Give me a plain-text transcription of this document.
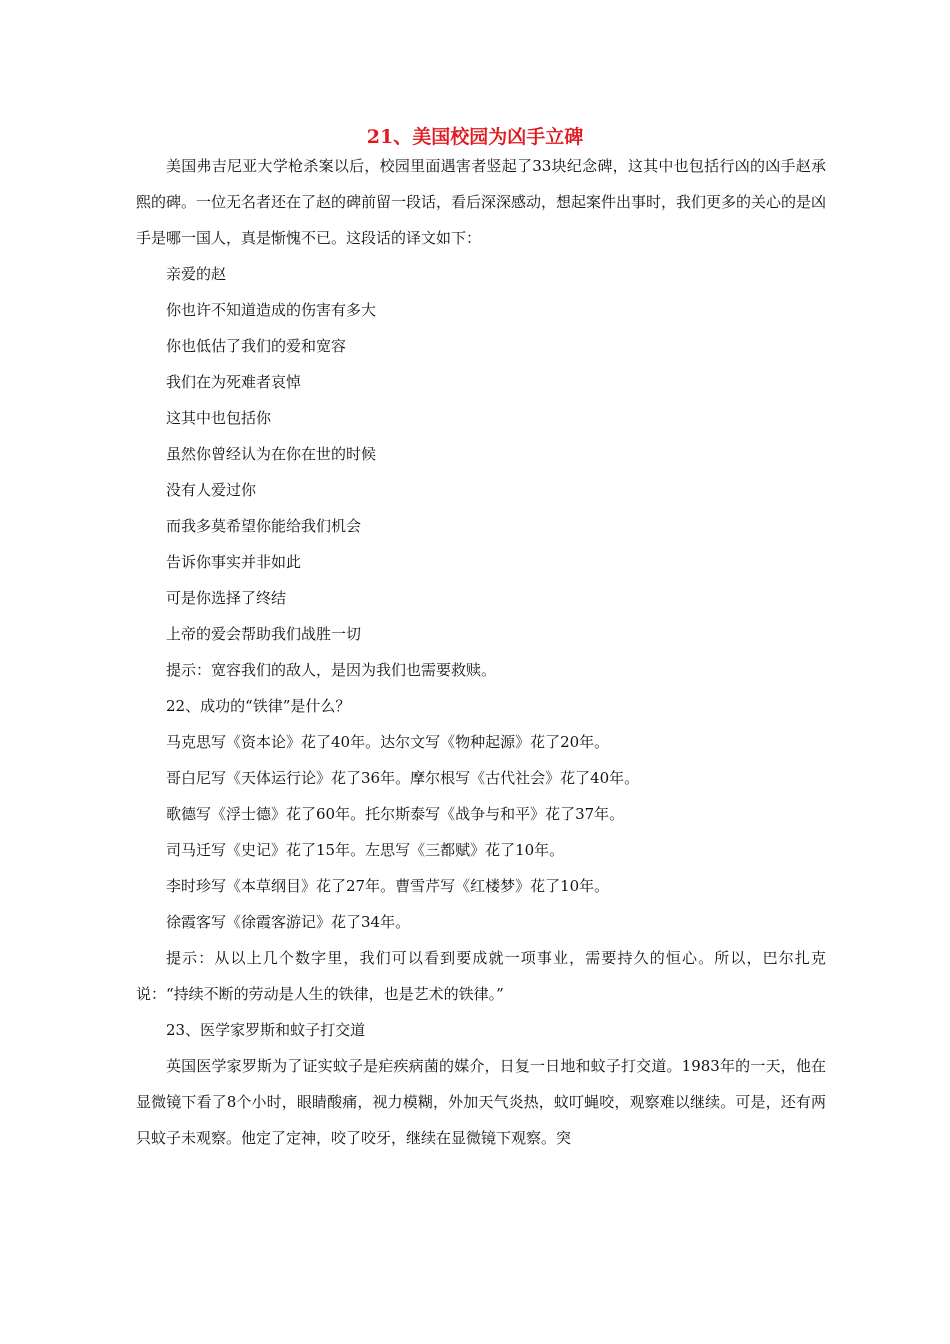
21、美国校园为凶手立碑

美国弗吉尼亚大学枪杀案以后，校园里面遇害者竖起了33块纪念碑，这其中也包括行凶的凶手赵承熙的碑。一位无名者还在了赵的碑前留一段话，看后深深感动，想起案件出事时，我们更多的关心的是凶手是哪一国人，真是惭愧不已。这段话的译文如下：

亲爱的赵

你也许不知道造成的伤害有多大

你也低估了我们的爱和宽容

我们在为死难者哀悼

这其中也包括你

虽然你曾经认为在你在世的时候

没有人爱过你

而我多莫希望你能给我们机会

告诉你事实并非如此

可是你选择了终结

上帝的爱会帮助我们战胜一切

提示：宽容我们的敌人，是因为我们也需要救赎。

22、成功的“铁律”是什么？

马克思写《资本论》花了40年。达尔文写《物种起源》花了20年。

哥白尼写《天体运行论》花了36年。摩尔根写《古代社会》花了40年。

歌德写《浮士德》花了60年。托尔斯泰写《战争与和平》花了37年。

司马迁写《史记》花了15年。左思写《三都赋》花了10年。

李时珍写《本草纲目》花了27年。曹雪芹写《红楼梦》花了10年。

徐霞客写《徐霞客游记》花了34年。

提示：从以上几个数字里，我们可以看到要成就一项事业，需要持久的恒心。所以，巴尔扎克说：“持续不断的劳动是人生的铁律，也是艺术的铁律。”

23、医学家罗斯和蚊子打交道

英国医学家罗斯为了证实蚊子是疟疾病菌的媒介，日复一日地和蚊子打交道。1983年的一天，他在显微镜下看了8个小时，眼睛酸痛，视力模糊，外加天气炎热，蚊叮蝇咬，观察难以继续。可是，还有两只蚊子未观察。他定了定神，咬了咬牙，继续在显微镜下观察。突
